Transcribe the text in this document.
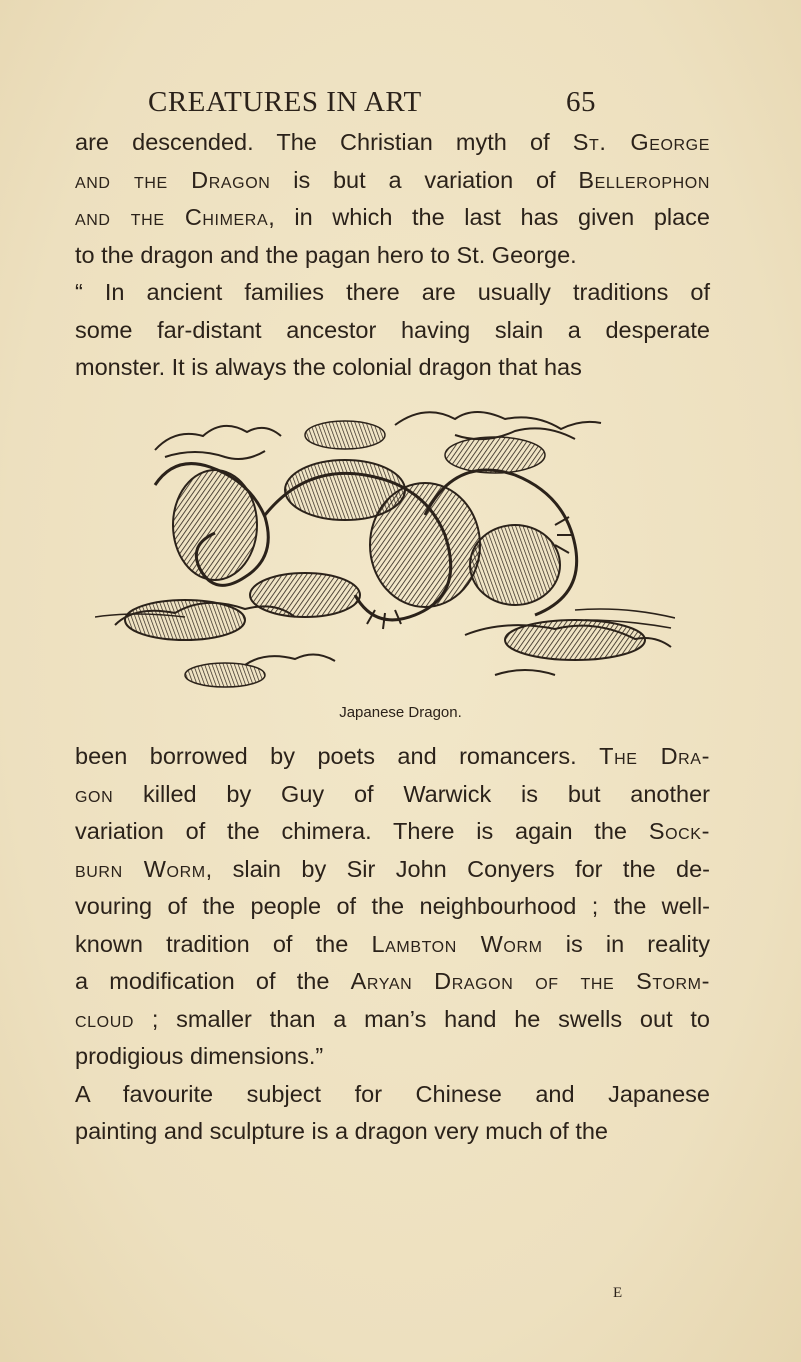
CREATURES IN ART	65
are descended. The Christian myth of St. George
and the Dragon is but a variation of Bellerophon
and the Chimera, in which the last has given place
to the dragon and the pagan hero to St. George.
“ In ancient families there are usually traditions of
some far-distant ancestor having slain a desperate
monster. It is always the colonial dragon that has
Japanese Dragon.
been borrowed by poets and romancers. The Dra-
gon killed by Guy of Warwick is but another
variation of the chimera. There is again the Sock-
burn Worm, slain by Sir John Conyers for the de-
vouring of the people of the neighbourhood ; the well-
known tradition of the Lambton Worm is in reality
a modification of the Aryan Dragon of the Storm-
cloud ; smaller than a man’s hand he swells out to
prodigious dimensions.”
A favourite subject for Chinese and Japanese
painting and sculpture is a dragon very much of the
E
